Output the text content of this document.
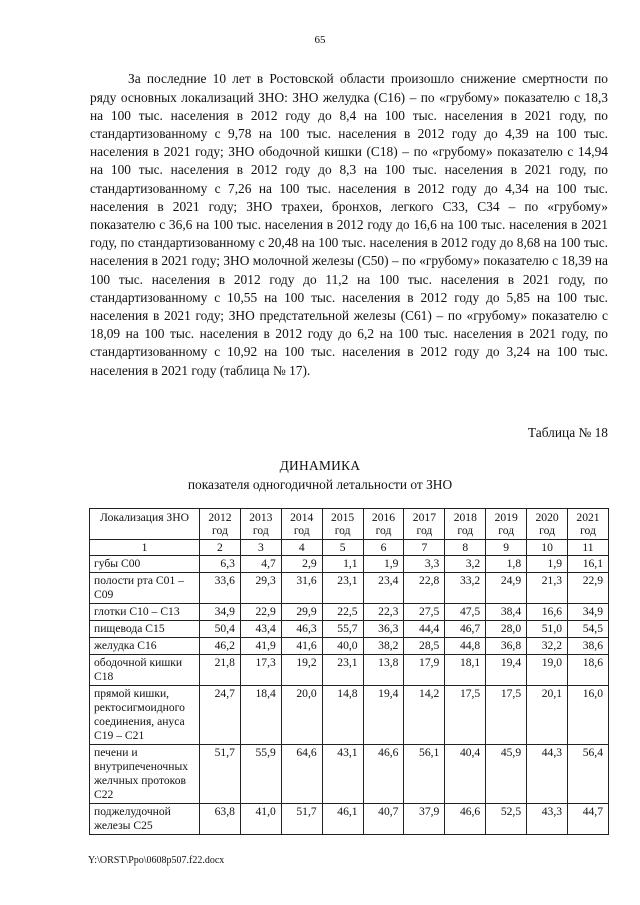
65

За последние 10 лет в Ростовской области произошло снижение смертности по ряду основных локализаций ЗНО: ЗНО желудка (С16) – по «грубому» показателю с 18,3 на 100 тыс. населения в 2012 году до 8,4 на 100 тыс. населения в 2021 году, по стандартизованному с 9,78 на 100 тыс. населения в 2012 году до 4,39 на 100 тыс. населения в 2021 году; ЗНО ободочной кишки (С18) – по «грубому» показателю с 14,94 на 100 тыс. населения в 2012 году до 8,3 на 100 тыс. населения в 2021 году, по стандартизованному с 7,26 на 100 тыс. населения в 2012 году до 4,34 на 100 тыс. населения в 2021 году; ЗНО трахеи, бронхов, легкого С33, С34 – по «грубому» показателю с 36,6 на 100 тыс. населения в 2012 году до 16,6 на 100 тыс. населения в 2021 году, по стандартизованному с 20,48 на 100 тыс. населения в 2012 году до 8,68 на 100 тыс. населения в 2021 году; ЗНО молочной железы (С50) – по «грубому» показателю с 18,39 на 100 тыс. населения в 2012 году до 11,2 на 100 тыс. населения в 2021 году, по стандартизованному с 10,55 на 100 тыс. населения в 2012 году до 5,85 на 100 тыс. населения в 2021 году; ЗНО предстательной железы (С61) – по «грубому» показателю с 18,09 на 100 тыс. населения в 2012 году до 6,2 на 100 тыс. населения в 2021 году, по стандартизованному с 10,92 на 100 тыс. населения в 2012 году до 3,24 на 100 тыс. населения в 2021 году (таблица № 17).

Таблица № 18
ДИНАМИКА
показателя одногодичной летальности от ЗНО
Локализация ЗНО	2012 год	2013 год	2014 год	2015 год	2016 год	2017 год	2018 год	2019 год	2020 год	2021 год
1	2	3	4	5	6	7	8	9	10	11
губы С00	6,3	4,7	2,9	1,1	1,9	3,3	3,2	1,8	1,9	16,1
полости рта С01 – С09	33,6	29,3	31,6	23,1	23,4	22,8	33,2	24,9	21,3	22,9
глотки С10 – С13	34,9	22,9	29,9	22,5	22,3	27,5	47,5	38,4	16,6	34,9
пищевода С15	50,4	43,4	46,3	55,7	36,3	44,4	46,7	28,0	51,0	54,5
желудка С16	46,2	41,9	41,6	40,0	38,2	28,5	44,8	36,8	32,2	38,6
ободочной кишки С18	21,8	17,3	19,2	23,1	13,8	17,9	18,1	19,4	19,0	18,6
прямой кишки, ректосигмоидного соединения, ануса С19 – С21	24,7	18,4	20,0	14,8	19,4	14,2	17,5	17,5	20,1	16,0
печени и внутрипеченочных желчных протоков С22	51,7	55,9	64,6	43,1	46,6	56,1	40,4	45,9	44,3	56,4
поджелудочной железы С25	63,8	41,0	51,7	46,1	40,7	37,9	46,6	52,5	43,3	44,7
Y:\ORST\Ppo\0608p507.f22.docx
